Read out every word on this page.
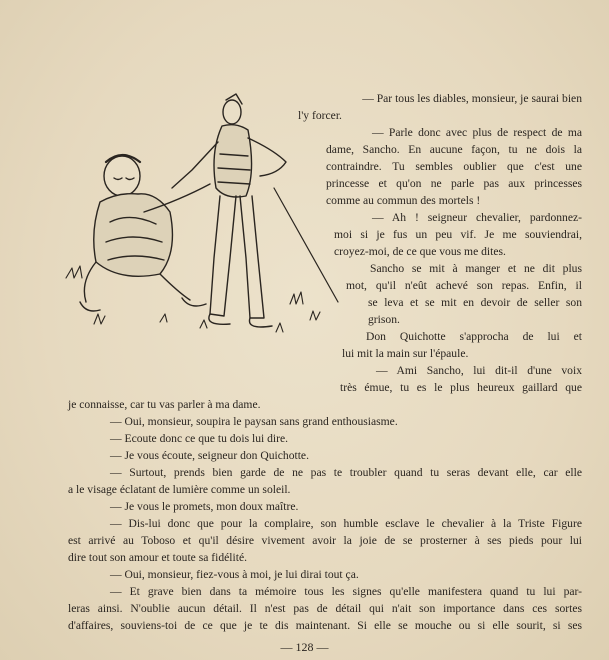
— Par tous les diables, monsieur, je saurai bien
l'y forcer.
— Parle donc avec plus de respect de ma
dame, Sancho. En aucune façon, tu ne dois la
contraindre. Tu sembles oublier que c'est une
princesse et qu'on ne parle pas aux princesses
comme au commun des mortels !
— Ah ! seigneur chevalier, pardonnez-
moi si je fus un peu vif. Je me souviendrai,
croyez-moi, de ce que vous me dites.
Sancho se mit à manger et ne dit plus
mot, qu'il n'eût achevé son repas. Enfin, il
se leva et se mit en devoir de seller son
grison.
Don Quichotte s'approcha de lui et
lui mit la main sur l'épaule.
— Ami Sancho, lui dit-il d'une voix
très émue, tu es le plus heureux gaillard que
je connaisse, car tu vas parler à ma dame.
— Oui, monsieur, soupira le paysan sans grand enthousiasme.
— Ecoute donc ce que tu dois lui dire.
— Je vous écoute, seigneur don Quichotte.
— Surtout, prends bien garde de ne pas te troubler quand tu seras devant elle, car elle
a le visage éclatant de lumière comme un soleil.
— Je vous le promets, mon doux maître.
— Dis-lui donc que pour la complaire, son humble esclave le chevalier à la Triste Figure
est arrivé au Toboso et qu'il désire vivement avoir la joie de se prosterner à ses pieds pour lui
dire tout son amour et toute sa fidélité.
— Oui, monsieur, fiez-vous à moi, je lui dirai tout ça.
— Et grave bien dans ta mémoire tous les signes qu'elle manifestera quand tu lui par-
leras ainsi. N'oublie aucun détail. Il n'est pas de détail qui n'ait son importance dans ces sortes
d'affaires, souviens-toi de ce que je te dis maintenant. Si elle se mouche ou si elle sourit, si ses
— 128 —
